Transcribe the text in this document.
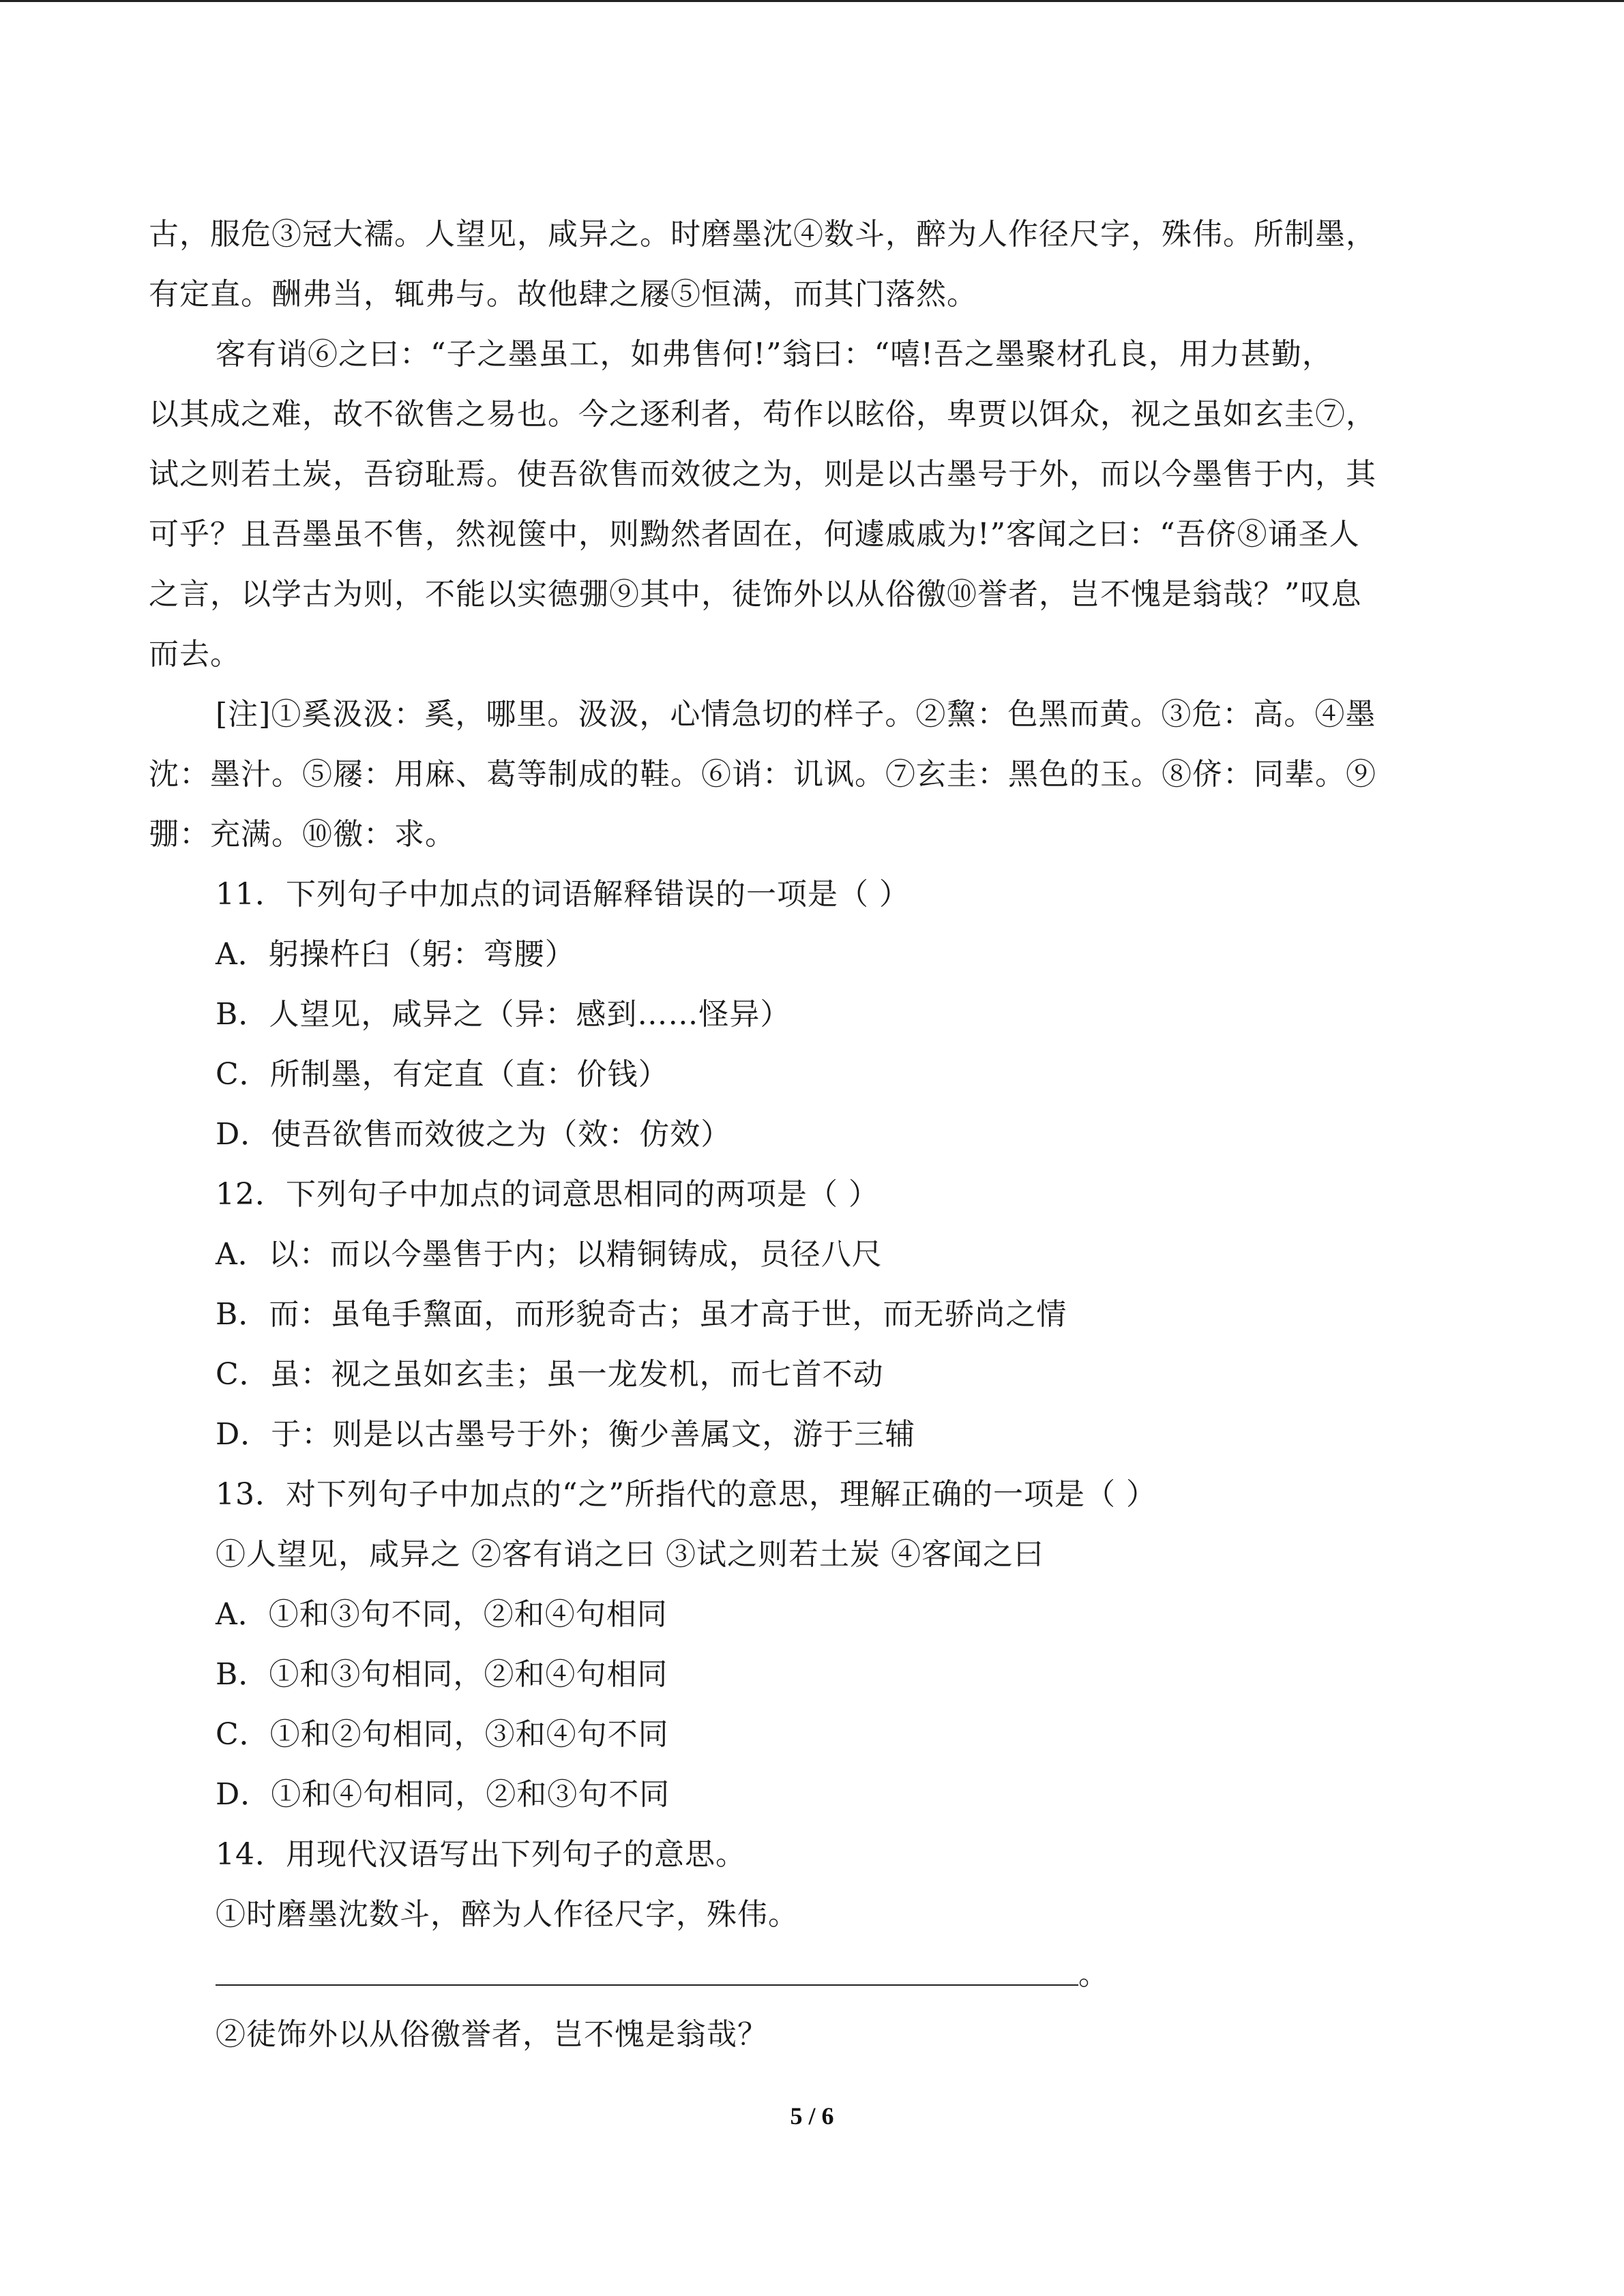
古，服危③冠大襦。人望见，咸异之。时磨墨沈④数斗，醉为人作径尺字，殊伟。所制墨，
有定直。酬弗当，辄弗与。故他肆之屦⑤恒满，而其门落然。
客有诮⑥之曰：“子之墨虽工，如弗售何!”翁曰：“嘻!吾之墨聚材孔良，用力甚勤，
以其成之难，故不欲售之易也。今之逐利者，苟作以眩俗，卑贾以饵众，视之虽如玄圭⑦，
试之则若土炭，吾窃耻焉。使吾欲售而效彼之为，则是以古墨号于外，而以今墨售于内，其
可乎？且吾墨虽不售，然视箧中，则黝然者固在，何遽戚戚为!”客闻之曰：“吾侪⑧诵圣人
之言，以学古为则，不能以实德弸⑨其中，徒饰外以从俗徼⑩誉者，岂不愧是翁哉？”叹息
而去。
[注]①奚汲汲：奚，哪里。汲汲，心情急切的样子。②黧：色黑而黄。③危：高。④墨
沈：墨汁。⑤屦：用麻、葛等制成的鞋。⑥诮：讥讽。⑦玄圭：黑色的玉。⑧侪：同辈。⑨
弸：充满。⑩徼：求。
11．下列句子中加点的词语解释错误的一项是（ ）
A．躬操杵臼（躬：弯腰）
B．人望见，咸异之（异：感到……怪异）
C．所制墨，有定直（直：价钱）
D．使吾欲售而效彼之为（效：仿效）
12．下列句子中加点的词意思相同的两项是（ ）
A．以：而以今墨售于内；以精铜铸成，员径八尺
B．而：虽龟手黧面，而形貌奇古；虽才高于世，而无骄尚之情
C．虽：视之虽如玄圭；虽一龙发机，而七首不动
D．于：则是以古墨号于外；衡少善属文，游于三辅
13．对下列句子中加点的“之”所指代的意思，理解正确的一项是（ ）
①人望见，咸异之 ②客有诮之曰 ③试之则若土炭 ④客闻之曰
A．①和③句不同，②和④句相同
B．①和③句相同，②和④句相同
C．①和②句相同，③和④句不同
D．①和④句相同，②和③句不同
14．用现代汉语写出下列句子的意思。
①时磨墨沈数斗，醉为人作径尺字，殊伟。
。
②徒饰外以从俗徼誉者，岂不愧是翁哉？
5 / 6
